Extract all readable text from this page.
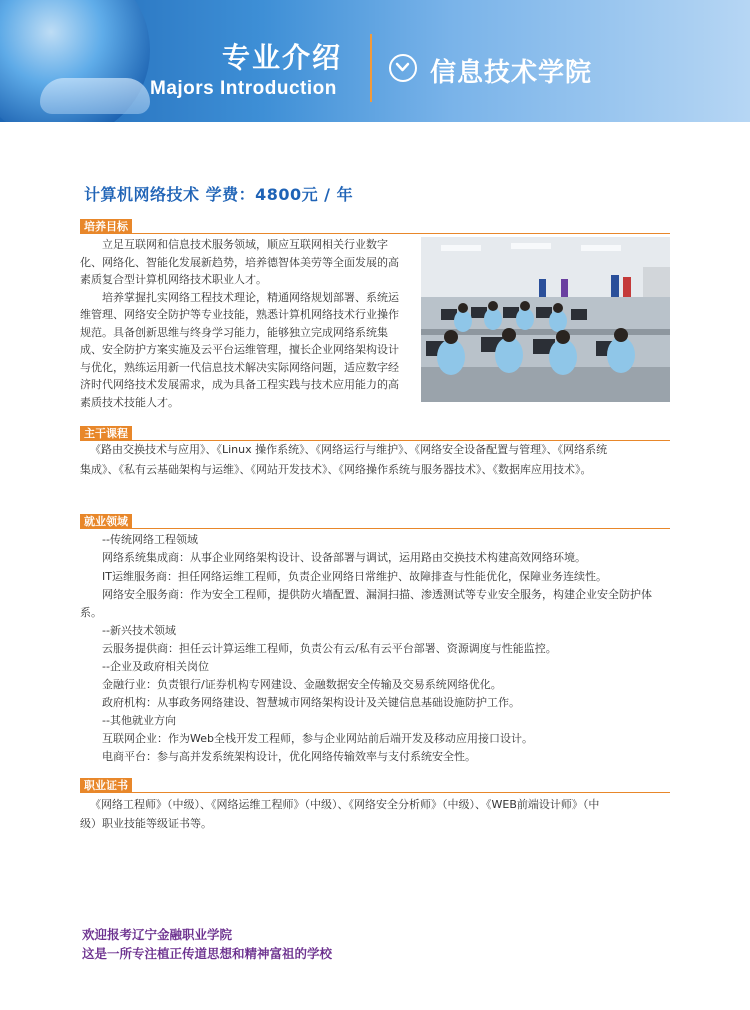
专业介绍
Majors Introduction
信息技术学院
计算机网络技术 学费：4800元 / 年
培养目标

立足互联网和信息技术服务领域，顺应互联网相关行业数字

化、网络化、智能化发展新趋势，培养德智体美劳等全面发展的高

素质复合型计算机网络技术职业人才。

培养掌握扎实网络工程技术理论，精通网络规划部署、系统运

维管理、网络安全防护等专业技能，熟悉计算机网络技术行业操作

规范。具备创新思维与终身学习能力，能够独立完成网络系统集

成、安全防护方案实施及云平台运维管理，擅长企业网络架构设计

与优化，熟练运用新一代信息技术解决实际网络问题，适应数字经

济时代网络技术发展需求，成为具备工程实践与技术应用能力的高

素质技术技能人才。

主干课程

《路由交换技术与应用》、《Linux 操作系统》、《网络运行与维护》、《网络安全设备配置与管理》、《网络系统

集成》、《私有云基础架构与运维》、《网站开发技术》、《网络操作系统与服务器技术》、《数据库应用技术》。

就业领域

--传统网络工程领域

网络系统集成商：从事企业网络架构设计、设备部署与调试，运用路由交换技术构建高效网络环境。

IT运维服务商：担任网络运维工程师，负责企业网络日常维护、故障排查与性能优化，保障业务连续性。

网络安全服务商：作为安全工程师，提供防火墙配置、漏洞扫描、渗透测试等专业安全服务，构建企业安全防护体

系。

--新兴技术领域

云服务提供商：担任云计算运维工程师，负责公有云/私有云平台部署、资源调度与性能监控。

--企业及政府相关岗位

金融行业：负责银行/证券机构专网建设、金融数据安全传输及交易系统网络优化。

政府机构：从事政务网络建设、智慧城市网络架构设计及关键信息基础设施防护工作。

--其他就业方向

互联网企业：作为Web全栈开发工程师，参与企业网站前后端开发及移动应用接口设计。

电商平台：参与高并发系统架构设计，优化网络传输效率与支付系统安全性。

职业证书

《网络工程师》（中级）、《网络运维工程师》（中级）、《网络安全分析师》（中级）、《WEB前端设计师》（中

级）职业技能等级证书等。

欢迎报考辽宁金融职业学院
这是一所专注植正传道思想和精神富祖的学校
